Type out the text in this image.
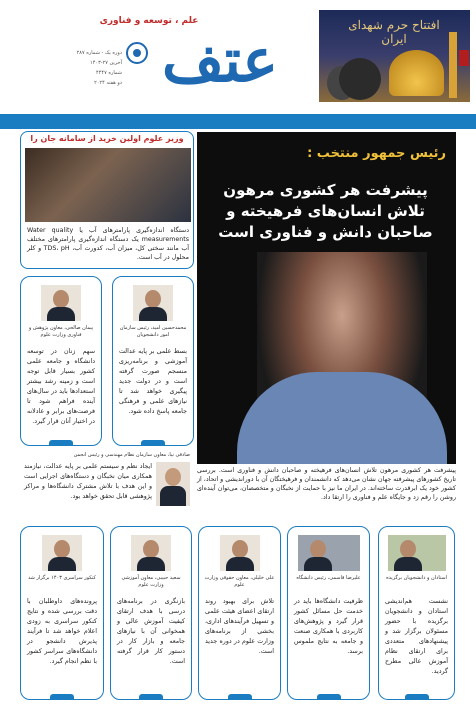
افتتاح حرم شهدای ایران
عتف
علم ، توسعه و فناوری
دوره یک - شماره ۲۸۷
آخرین ۲۷-۱۴۰۳
شماره ۴۴۴۷
دو هفته ۲۰۲۴
رئیس جمهور منتخب :
پیشرفت هر کشوری مرهون تلاش انسان‌های فرهیخته و صاحبان دانش و فناوری است

پیشرفت هر کشوری مرهون تلاش انسان‌های فرهیخته و صاحبان دانش و فناوری است. بررسی تاریخ کشورهای پیشرفته جهان نشان می‌دهد که دانشمندان و فرهیختگان آن با دوراندیشی و اتحاد، از کشور خود یک ابرقدرت ساخته‌اند. در ایران ما نیز با حمایت از نخبگان و متخصصان، می‌توان آینده‌ای روشن را رقم زد و جایگاه علم و فناوری را ارتقا داد.

وزیر علوم اولین خرید از سامانه جان را

دستگاه اندازه‌گیری پارامترهای آب یا Water quality measurements یک دستگاه اندازه‌گیری پارامترهای مختلف آب مانند سختی کل، میزان آب، کدورت آب، TDS، pH و کلر محلول در آب است.

محمدحسین امید، رئیس سازمان امور دانشجویان

بسط علمی بر پایه عدالت آموزشی و برنامه‌ریزی منسجم صورت گرفته است و در دولت جدید پیگیری خواهد شد تا نیازهای علمی و فرهنگی جامعه پاسخ داده شود.

پیمان صالحی، معاون پژوهش و فناوری وزارت علوم

سهم زنان در توسعه دانشگاه و جامعه علمی کشور بسیار قابل توجه است و زمینه رشد بیشتر استعدادها باید در سال‌های آینده فراهم شود تا فرصت‌های برابر و عادلانه در اختیار آنان قرار گیرد.

صادقی نیا، معاون سازمان نظام مهندسی و رئیس انجمن

ایجاد نظم و سیستم علمی بر پایه عدالت، نیازمند همکاری میان نخبگان و دستگاه‌های اجرایی است و این هدف با تلاش مشترک دانشگاه‌ها و مراکز پژوهشی قابل تحقق خواهد بود.

استادان و دانشجویان برگزیده

نشست هم‌اندیشی استادان و دانشجویان برگزیده با حضور مسئولان برگزار شد و پیشنهادهای متعددی برای ارتقای نظام آموزش عالی مطرح گردید.

علیرضا قاسمی، رئیس دانشگاه

ظرفیت دانشگاه‌ها باید در خدمت حل مسائل کشور قرار گیرد و پژوهش‌های کاربردی با همکاری صنعت و جامعه به نتایج ملموس برسد.

علی خلیلی، معاون حقوقی وزارت علوم

تلاش برای بهبود روند ارتقای اعضای هیئت علمی و تسهیل فرآیندهای اداری، بخشی از برنامه‌های وزارت علوم در دوره جدید است.

سعید حبیبی، معاون آموزشی وزارت علوم

بازنگری در برنامه‌های درسی با هدف ارتقای کیفیت آموزش عالی و همخوانی آن با نیازهای جامعه و بازار کار در دستور کار قرار گرفته است.

کنکور سراسری ۱۴۰۳ برگزار شد

پرونده‌های داوطلبان با دقت بررسی شده و نتایج کنکور سراسری به زودی اعلام خواهد شد تا فرآیند پذیرش دانشجو در دانشگاه‌های سراسر کشور با نظم انجام گیرد.
